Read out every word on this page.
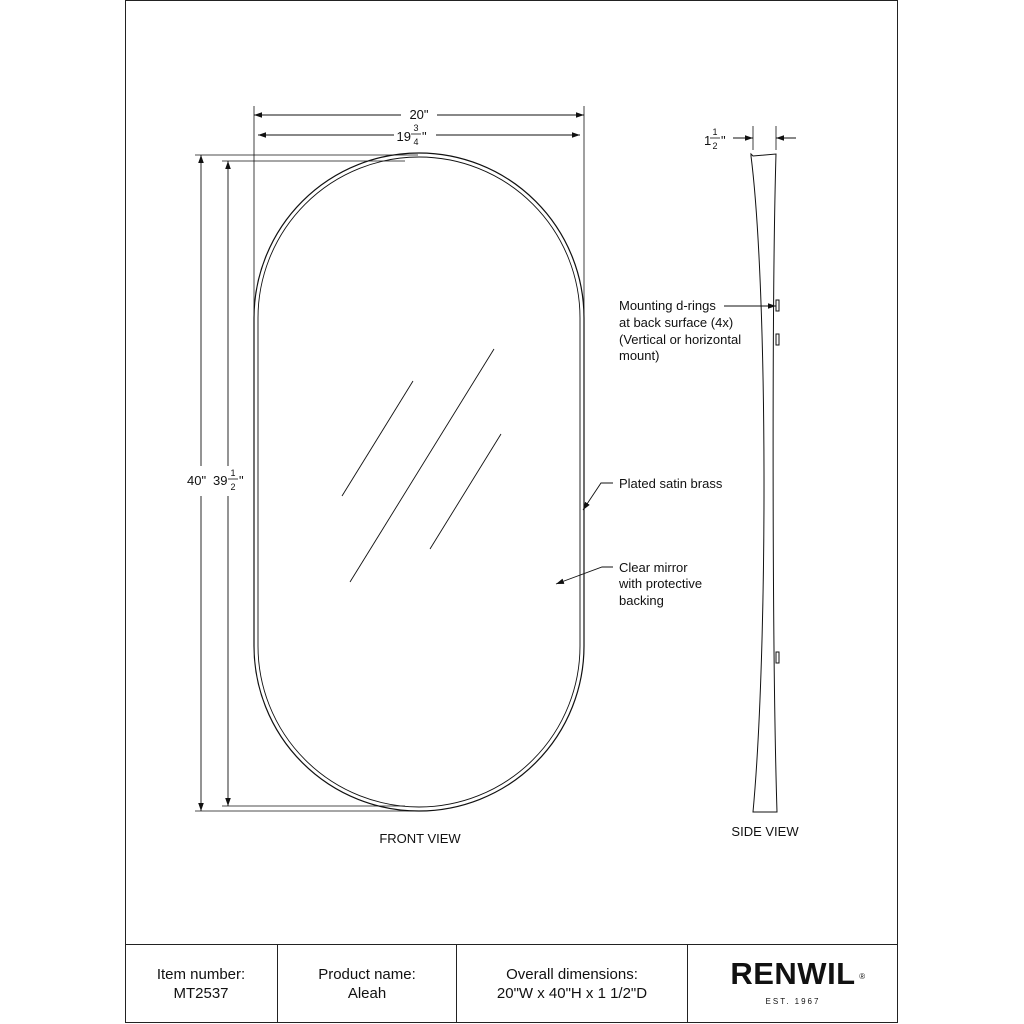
20"
19
3
4 "
40" 39 1
2 "	Plated satin brass
Clear mirror
with protective
backing
FRONT VIEW
1
1
2 "
Mounting d-rings
at back surface (4x)
(Vertical or horizontal
mount)
SIDE VIEW
Item number:
MT2537
Product name:
Aleah
Overall dimensions:
20"W x 40"H x 1 1/2"D
RENWIL ®
EST. 1967
